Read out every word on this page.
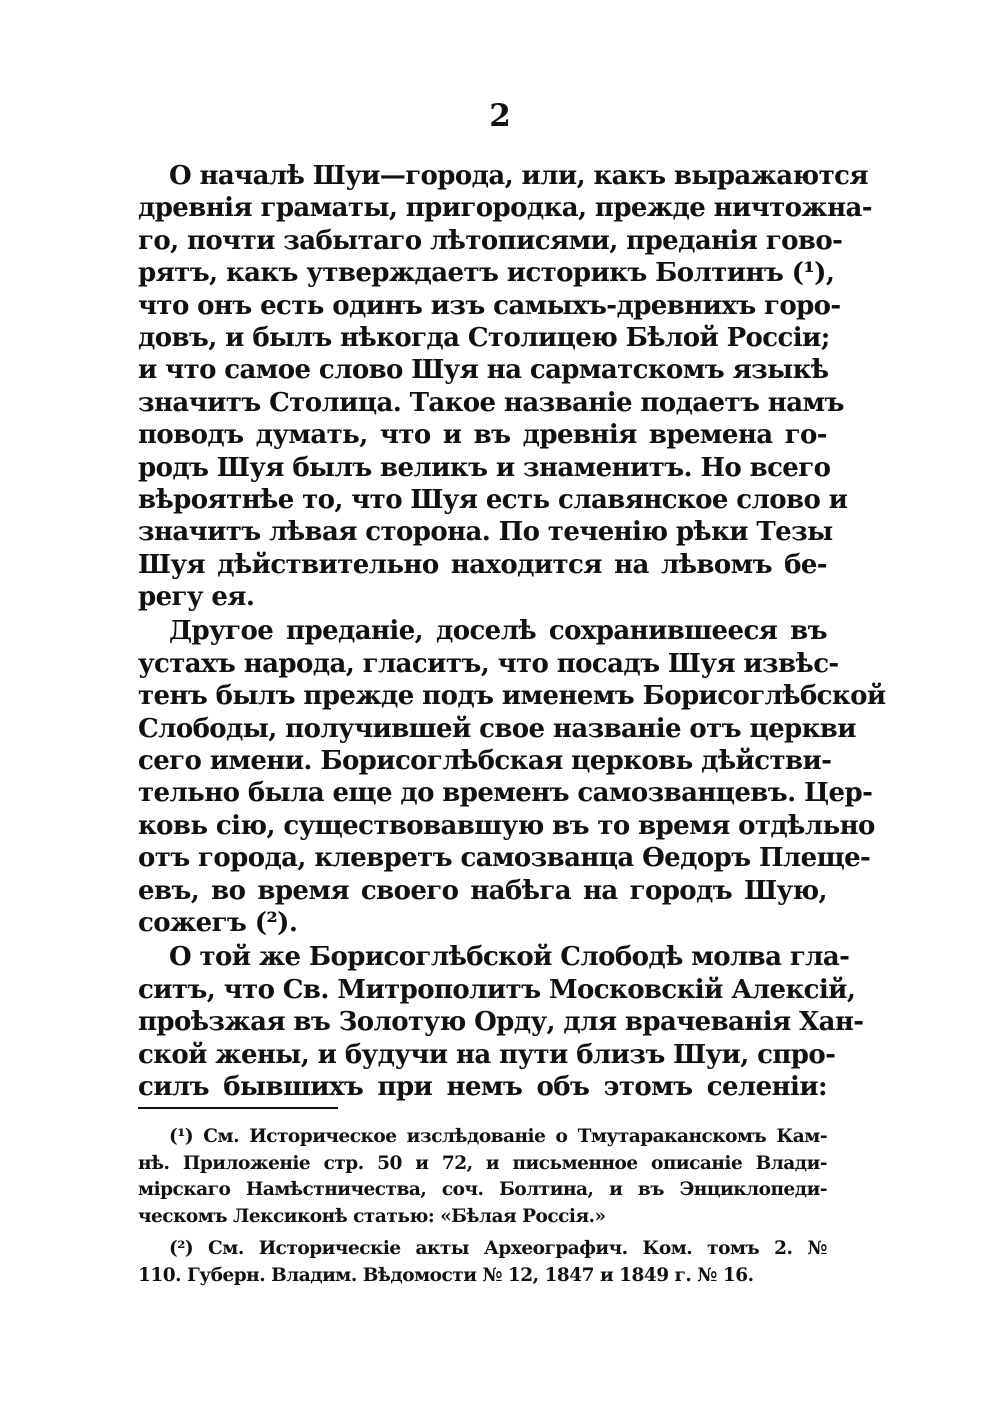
2
О началѣ Шуи—города, или, какъ выражаются
древнія граматы, пригородка, прежде ничтожна-
го, почти забытаго лѣтописями, преданія гово-
рятъ, какъ утверждаетъ историкъ Болтинъ (¹),
что онъ есть одинъ изъ самыхъ-древнихъ горо-
довъ, и былъ нѣкогда Столицею Бѣлой Россіи;
и что самое слово Шуя на сарматскомъ языкѣ
значитъ Столица. Такое названіе подаетъ намъ
поводъ думать, что и въ древнія времена го-
родъ Шуя былъ великъ и знаменитъ. Но всего
вѣроятнѣе то, что Шуя есть славянское слово и
значитъ лѣвая сторона. По теченію рѣки Тезы
Шуя дѣйствительно находится на лѣвомъ бе-
регу ея.
Другое преданіе, доселѣ сохранившееся въ
устахъ народа, гласитъ, что посадъ Шуя извѣс-
тенъ былъ прежде подъ именемъ Борисоглѣбской
Слободы, получившей свое названіе отъ церкви
сего имени. Борисоглѣбская церковь дѣйстви-
тельно была еще до временъ самозванцевъ. Цер-
ковь сію, существовавшую въ то время отдѣльно
отъ города, клевретъ самозванца Ѳедоръ Плеще-
евъ, во время своего набѣга на городъ Шую,
сожегъ (²).
О той же Борисоглѣбской Слободѣ молва гла-
ситъ, что Св. Митрополитъ Московскій Алексій,
проѣзжая въ Золотую Орду, для врачеванія Хан-
ской жены, и будучи на пути близъ Шуи, спро-
силъ бывшихъ при немъ объ этомъ селеніи:
(¹) См. Историческое изслѣдованіе о Тмутараканскомъ Кам-
нѣ. Приложеніе стр. 50 и 72, и письменное описаніе Влади-
мірскаго Намѣстничества, соч. Болтина, и въ Энциклопеди-
ческомъ Лексиконѣ статью: «Бѣлая Россія.»
(²) См. Историческіе акты Археографич. Ком. томъ 2. №
110. Губерн. Владим. Вѣдомости № 12, 1847 и 1849 г. № 16.
